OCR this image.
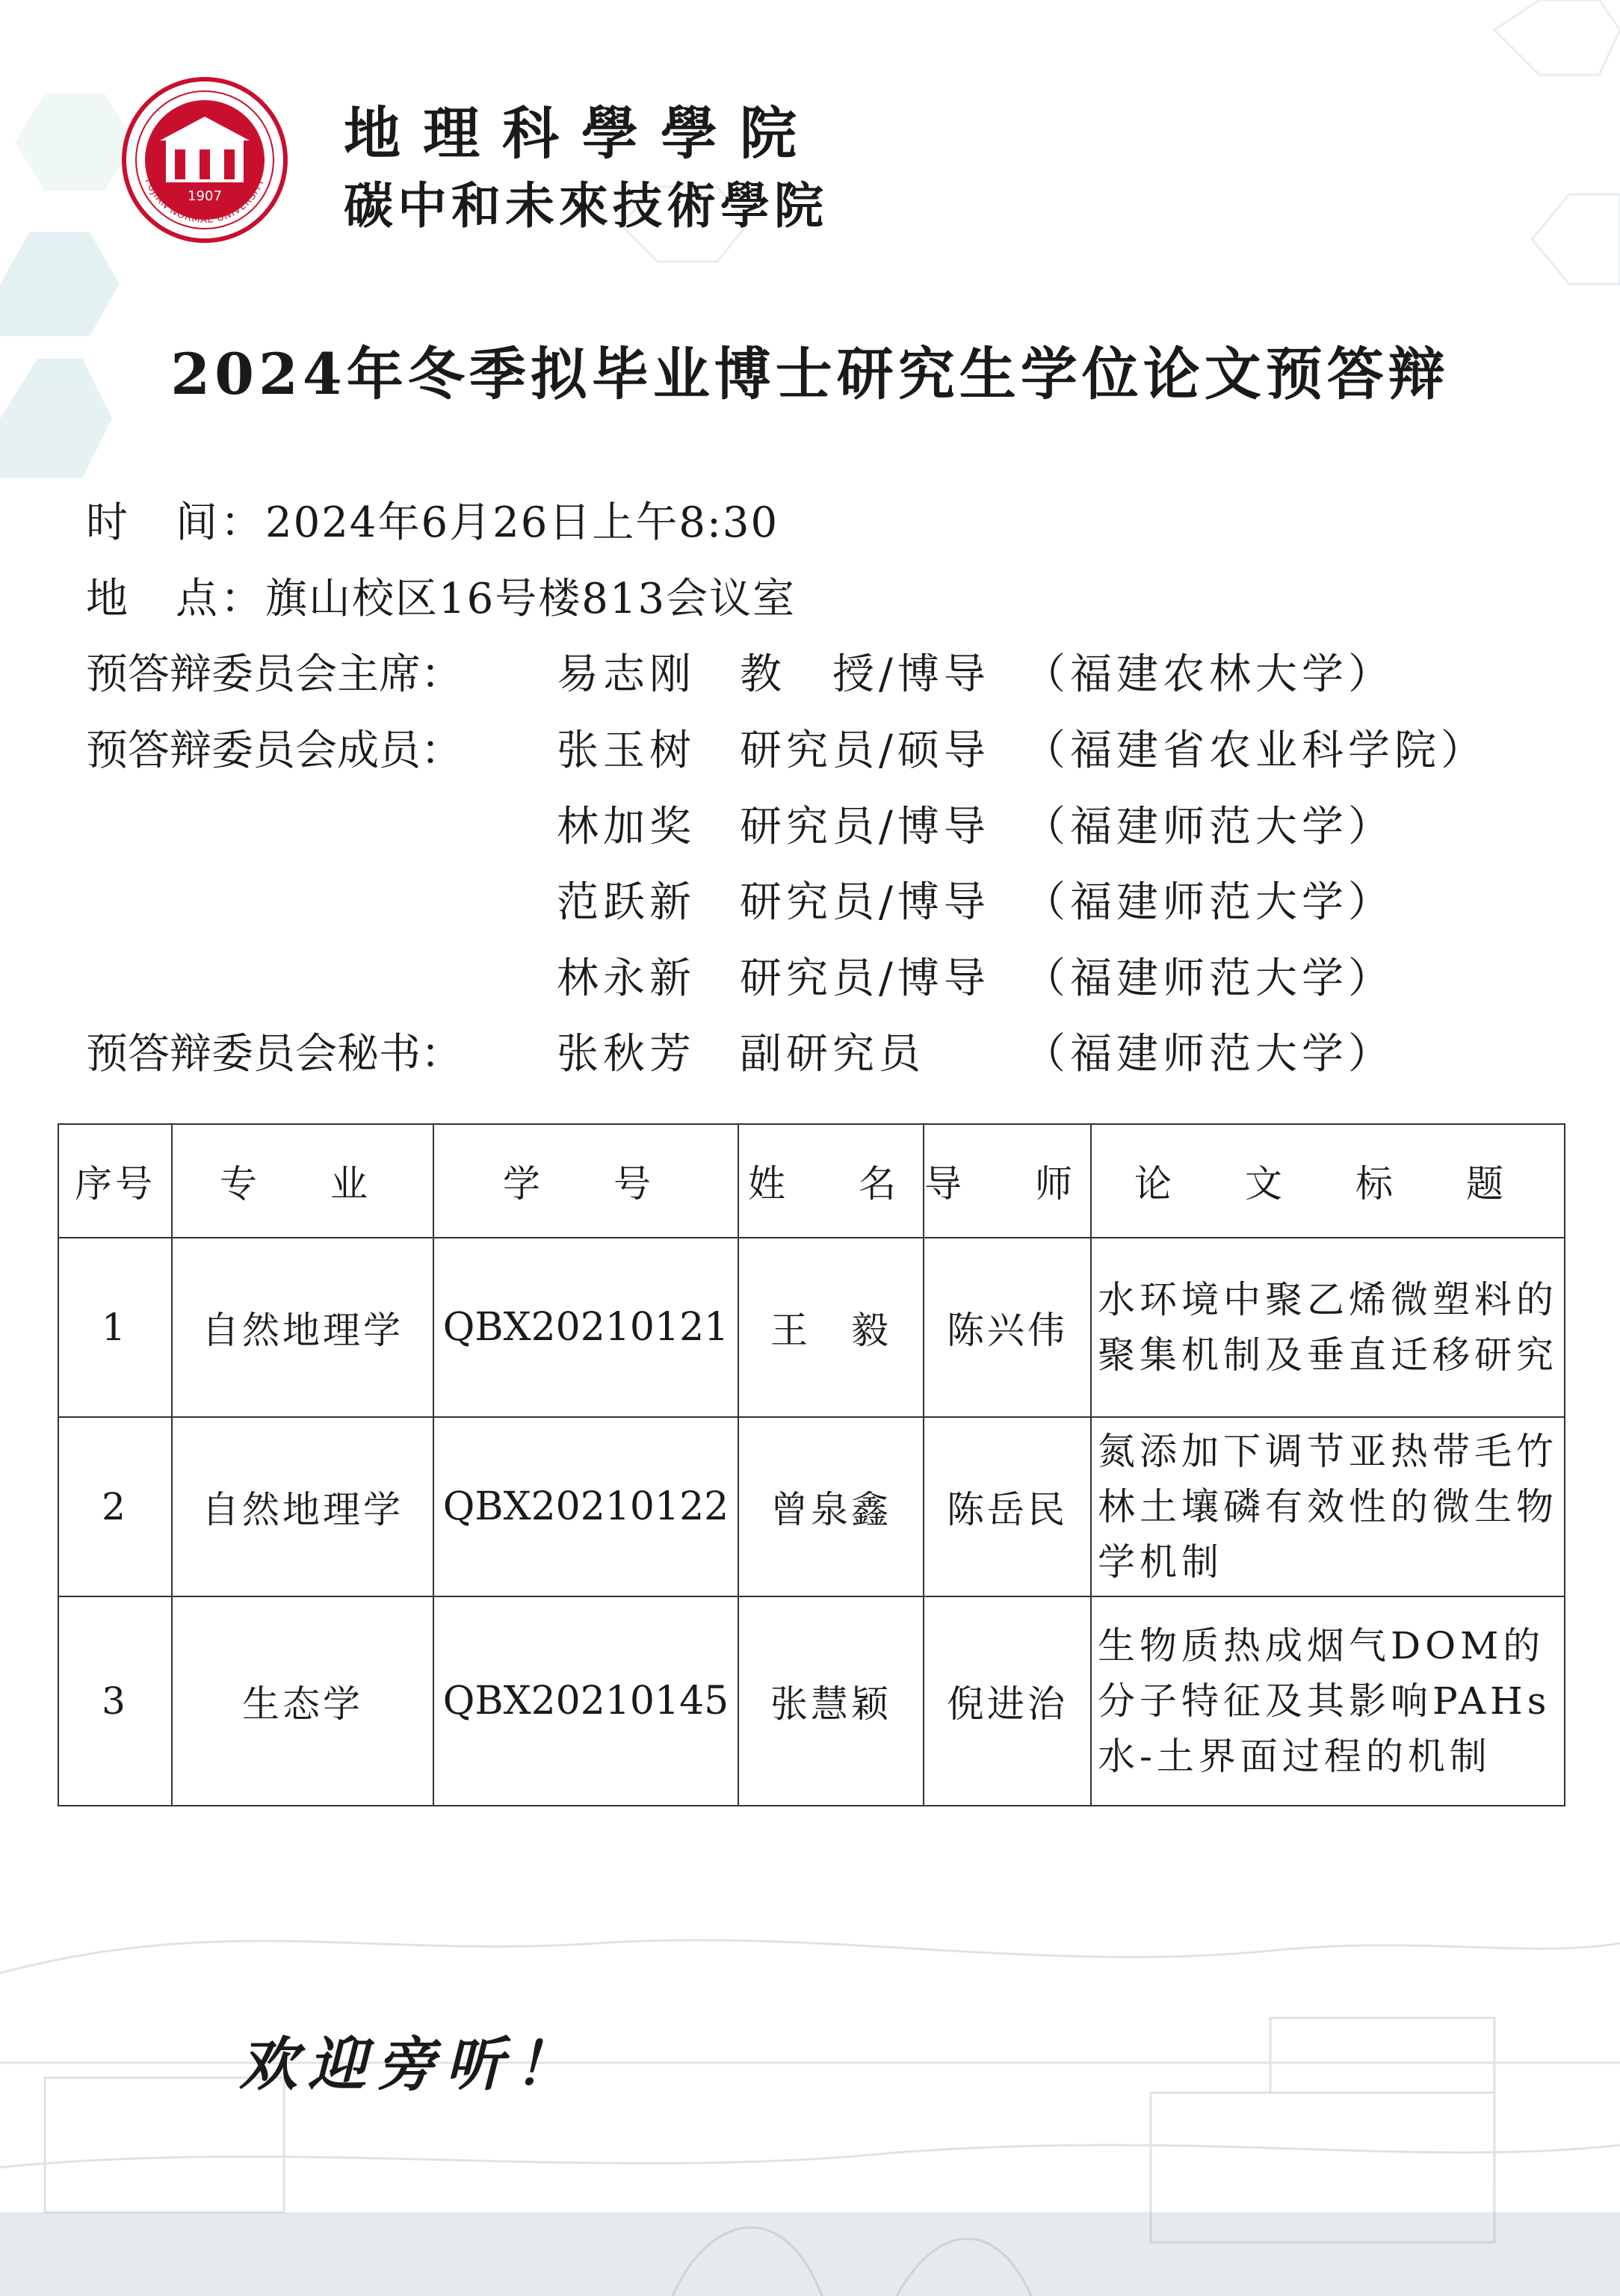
1907
FUJIAN NORMAL UNIVERSITY
地理科學學院
碳中和未來技術學院
2024年冬季拟毕业博士研究生学位论文预答辩
时　间：2024年6月26日上午8:30
地　点：旗山校区16号楼813会议室
预答辩委员会主席： 易志刚 教　授/博导 （福建农林大学）
预答辩委员会成员： 张玉树 研究员/硕导 （福建省农业科学院）
林加奖 研究员/博导 （福建师范大学）
范跃新 研究员/博导 （福建师范大学）
林永新 研究员/博导 （福建师范大学）
预答辩委员会秘书： 张秋芳 副研究员 （福建师范大学）
序号	专　业	学　号	姓　名	导　师	论　文　标　题
1	自然地理学	QBX20210121	王　毅	陈兴伟	水环境中聚乙烯微塑料的聚集机制及垂直迁移研究
2	自然地理学	QBX20210122	曾泉鑫	陈岳民	氮添加下调节亚热带毛竹林土壤磷有效性的微生物学机制
3	生态学	QBX20210145	张慧颖	倪进治	生物质热成烟气DOM的分子特征及其影响PAHs水-土界面过程的机制
欢迎旁听！
